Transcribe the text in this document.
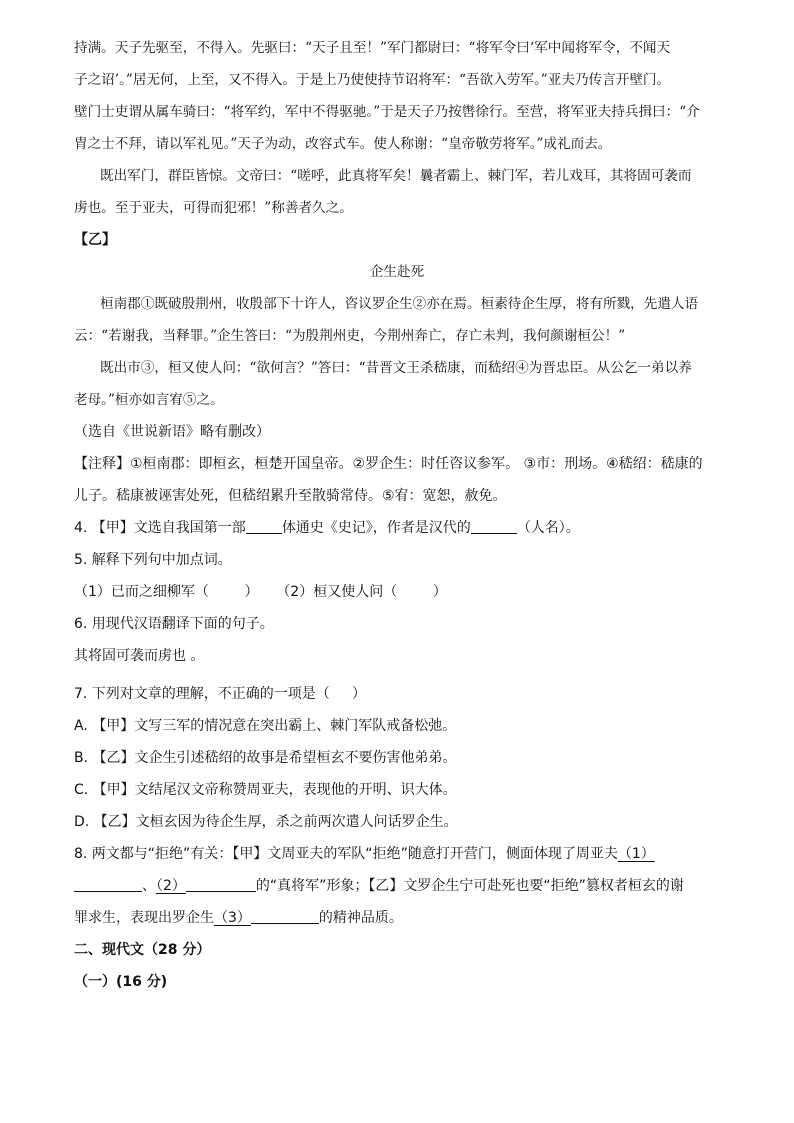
持满。天子先驱至，不得入。先驱曰：“天子且至！”军门都尉曰：“将军令曰‘军中闻将军令，不闻天
子之诏’。”居无何，上至，又不得入。于是上乃使使持节诏将军：“吾欲入劳军。”亚夫乃传言开壁门。
壁门士吏谓从属车骑曰：“将军约，军中不得驱驰。”于是天子乃按辔徐行。至营，将军亚夫持兵揖曰：“介
胄之士不拜，请以军礼见。”天子为动，改容式车。使人称谢：“皇帝敬劳将军。”成礼而去。
既出军门，群臣皆惊。文帝曰：“嗟呼，此真将军矣！曩者霸上、棘门军，若儿戏耳，其将固可袭而
虏也。至于亚夫，可得而犯邪！”称善者久之。
【乙】
企生赴死
桓南郡①既破殷荆州，收殷部下十许人，咨议罗企生②亦在焉。桓素待企生厚，将有所戮，先遣人语
云：“若谢我，当释罪。”企生答曰：“为殷荆州吏，今荆州奔亡，存亡未判，我何颜谢桓公！”
既出市③，桓又使人问：“欲何言？”答曰：“昔晋文王杀嵇康，而嵇绍④为晋忠臣。从公乞一弟以养
老母。”桓亦如言宥⑤之。
（选自《世说新语》略有删改）
【注释】①桓南郡：即桓玄，桓楚开国皇帝。②罗企生：时任咨议参军。 ③市：刑场。④嵇绍：嵇康的
儿子。嵇康被诬害处死，但嵇绍累升至散骑常侍。⑤宥：宽恕，赦免。
4. 【甲】文选自我国第一部	体通史《史记》，作者是汉代的	（人名）。
5. 解释下列句中加点词。
（1）已而之细柳军（        ）    （2）桓又使人问（        ）
6. 用现代汉语翻译下面的句子。
其将固可袭而虏也 。
7. 下列对文章的理解，不正确的一项是（     ）
A. 【甲】文写三军的情况意在突出霸上、棘门军队戒备松弛。
B. 【乙】文企生引述嵇绍的故事是希望桓玄不要伤害他弟弟。
C. 【甲】文结尾汉文帝称赞周亚夫，表现他的开明、识大体。
D. 【乙】文桓玄因为待企生厚，杀之前两次遣人问话罗企生。
8. 两文都与“拒绝”有关：【甲】文周亚夫的军队“拒绝”随意打开营门，侧面体现了周亚夫（1）
、（2）	的“真将军”形象；【乙】文罗企生宁可赴死也要“拒绝”篡权者桓玄的谢
罪求生，表现出罗企生（3）	的精神品质。
二、现代文（28 分）
（一）(16 分)
